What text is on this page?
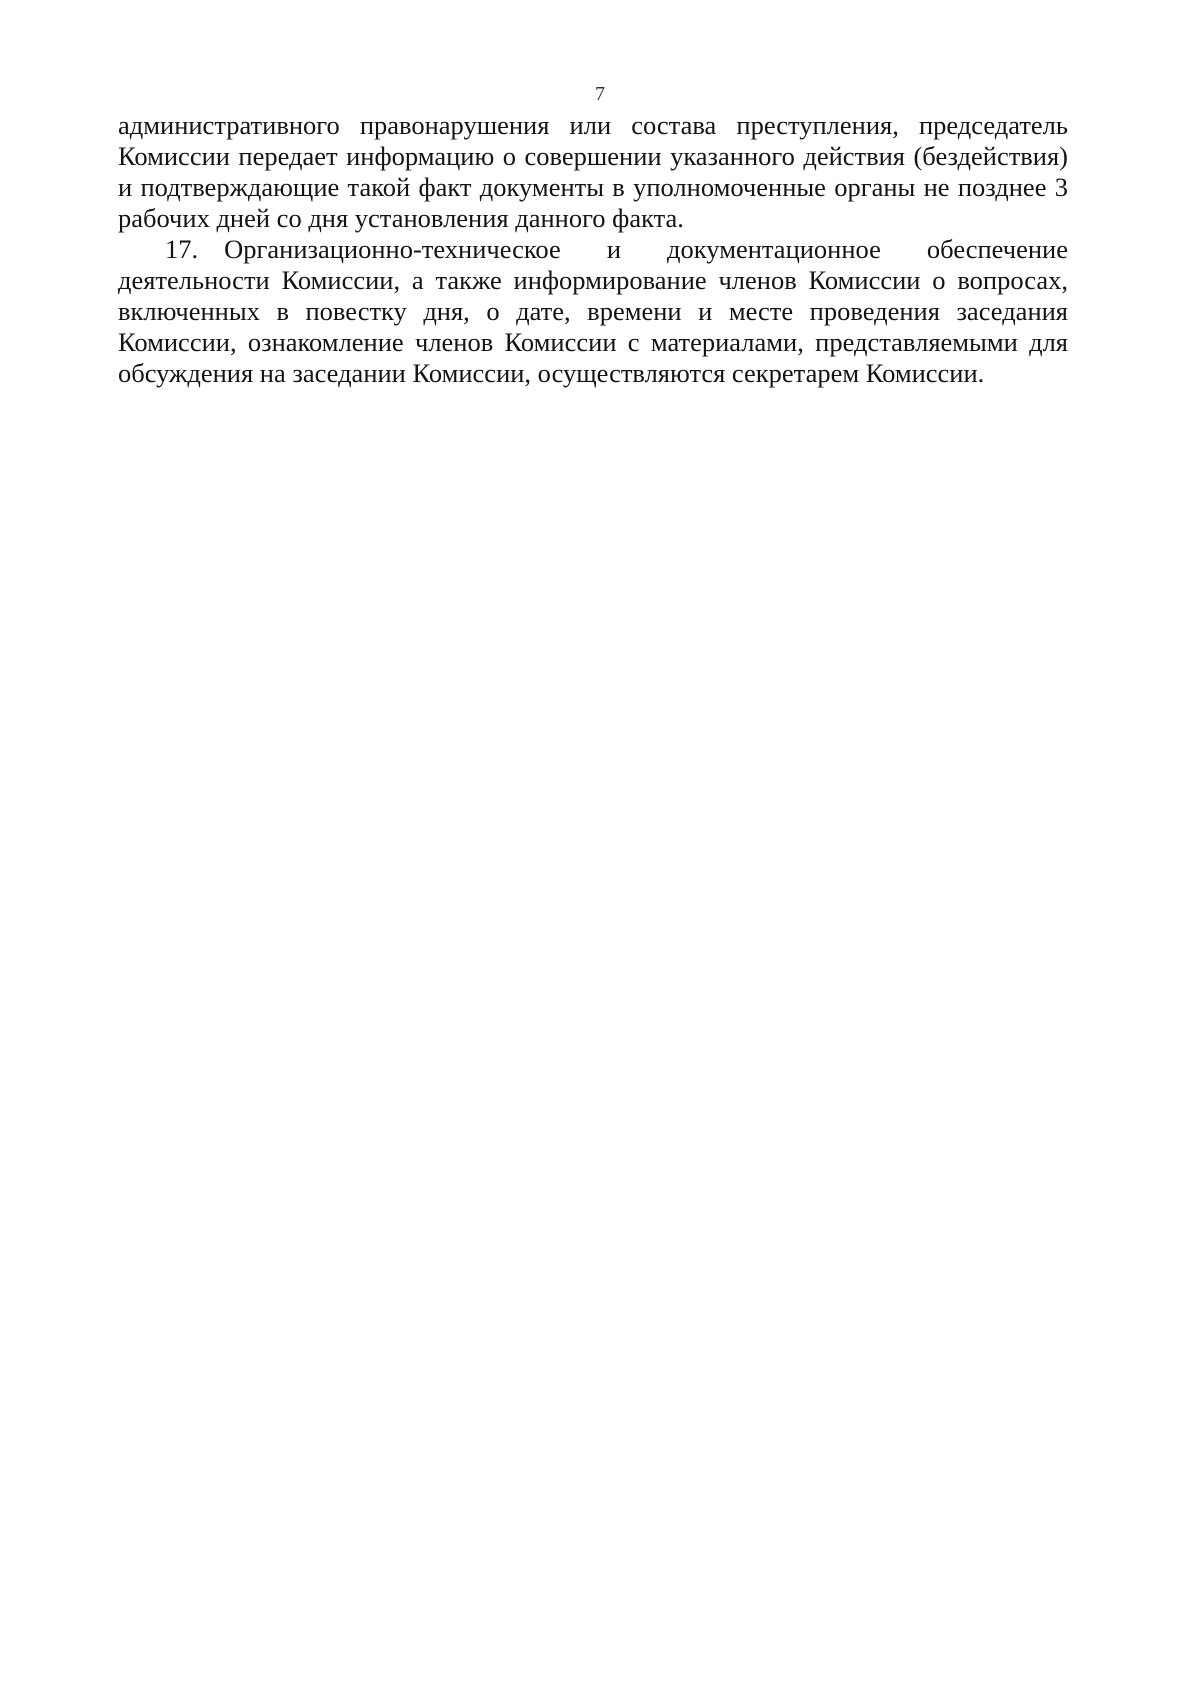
7

административного правонарушения или состава преступления, председатель Комиссии передает информацию о совершении указанного действия (бездействия) и подтверждающие такой факт документы в уполномоченные органы не позднее 3 рабочих дней со дня установления данного факта.

17. Организационно-техническое и документационное обеспечение деятельности Комиссии, а также информирование членов Комиссии о вопросах, включенных в повестку дня, о дате, времени и месте проведения заседания Комиссии, ознакомление членов Комиссии с материалами, представляемыми для обсуждения на заседании Комиссии, осуществляются секретарем Комиссии.
